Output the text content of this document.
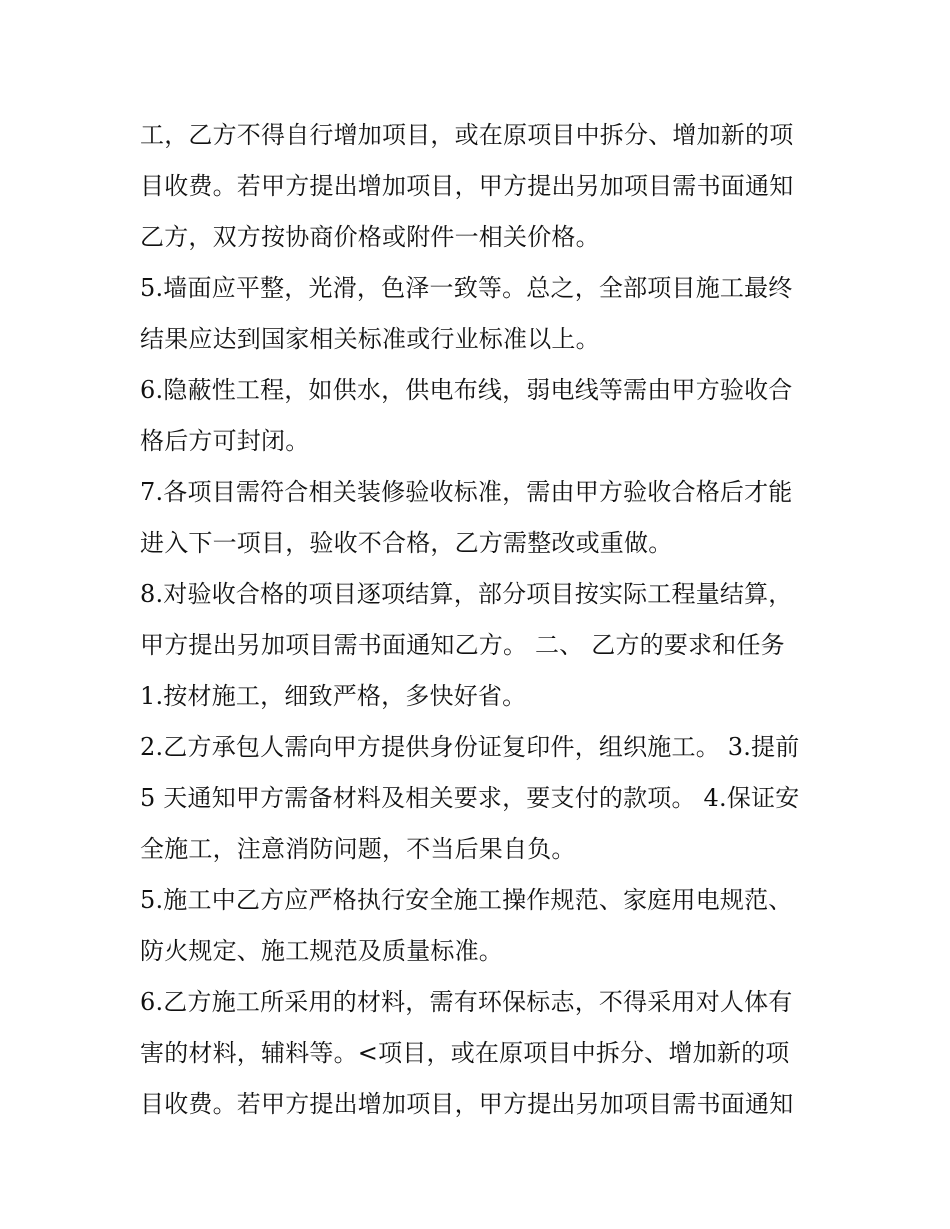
工，乙方不得自行增加项目，或在原项目中拆分、增加新的项
目收费。若甲方提出增加项目，甲方提出另加项目需书面通知
乙方，双方按协商价格或附件一相关价格。
5.墙面应平整，光滑，色泽一致等。总之，全部项目施工最终
结果应达到国家相关标准或行业标准以上。
6.隐蔽性工程，如供水，供电布线，弱电线等需由甲方验收合
格后方可封闭。
7.各项目需符合相关装修验收标准，需由甲方验收合格后才能
进入下一项目，验收不合格，乙方需整改或重做。
8.对验收合格的项目逐项结算，部分项目按实际工程量结算，
甲方提出另加项目需书面通知乙方。 二、 乙方的要求和任务
1.按材施工，细致严格，多快好省。
2.乙方承包人需向甲方提供身份证复印件，组织施工。 3.提前
5 天通知甲方需备材料及相关要求，要支付的款项。 4.保证安
全施工，注意消防问题，不当后果自负。
5.施工中乙方应严格执行安全施工操作规范、家庭用电规范、
防火规定、施工规范及质量标准。
6.乙方施工所采用的材料，需有环保标志，不得采用对人体有
害的材料，辅料等。<项目，或在原项目中拆分、增加新的项
目收费。若甲方提出增加项目，甲方提出另加项目需书面通知
